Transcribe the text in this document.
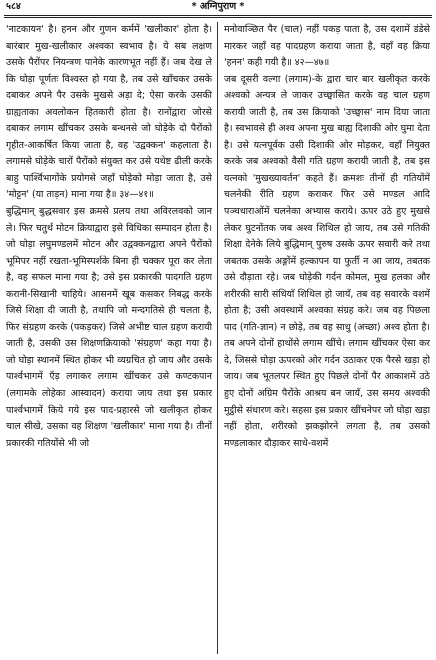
५८४	* अग्निपुराण *

'नाटकायन' है। हनन और गुणन कर्ममें 'खलीकार' होता है। बारंबार मुख-खलीकार अश्वका स्वभाव है। ये सब लक्षण उसके पैरोंपर नियन्त्रण पानेके कारणभूत नहीं हैं। जब देख ले कि घोड़ा पूर्णतः विश्वस्त हो गया है, तब उसे खाँचकर उसके दबाकर अपने पैर उसके मुखसे अड़ा दे; ऐसा करके उसकी ग्राह्यताका अवलोकन हितकारी होता है। रानोंद्वारा जोरसे दबाकर लगाम खींचकर उसके बन्धनसे जो घोड़ेके दो पैरोंको गृहीत-आकर्षित किया जाता है, वह 'उद्वक्कन' कहलाता है। लगामसे घोड़ेके चारों पैरोंको संयुक्त कर उसे यथेष्ट ढीली करके बाहु पार्श्विभागोंके प्रयोगसे जहाँ घोड़ेको मोड़ा जाता है, उसे 'मोट्टन' (या ताड़न) माना गया है॥ ३४—४१॥

बुद्धिमान् बुद्धसवार इस क्रमसे प्रलय तथा अविरलवको जान ले। फिर चतुर्थ मोटन क्रियाद्वारा इसे विधिका सम्पादन होता है। जो घोड़ा लघुमण्डलमें मोटन और उद्वक्कनद्वारा अपने पैरोंको भूमिपर नहीं रखता-भूमिस्पर्शके बिना ही चक्कर पूरा कर लेता है, वह सफल माना गया है; उसे इस प्रकारकी पादगति ग्रहण करानी-सिखानी चाहिये। आसनमें खूब कसकर निबद्ध करके जिसे शिक्षा दी जाती है, तथापि जो मन्दगतिसे ही चलता है, फिर संग्रहण करके (पकड़कर) जिसे अभीष्ट चाल ग्रहण करायी जाती है, उसकी उस शिक्षणक्रियाको 'संग्रहण' कहा गया है। जो घोड़ा स्थानमें स्थित होकर भी व्यग्रचित हो जाय और उसके पार्श्वभागमें एँड़ लगाकर लगाम खींचकर उसे कण्टकपान (लगामके लोहेका आस्वादन) कराया जाय तथा इस प्रकार पार्श्वभागमें किये गये इस पाद-प्रहारसे जो खलीकृत होकर चाल सीखे, उसका वह शिक्षण 'खलीकार' माना गया है। तीनों प्रकारकी गतियोंसे भी जो

मनोवाञ्छित पैर (चाल) नहीं पकड़ पाता है, उस दशामें डंडेसे मारकर जहाँ वह पादग्रहण कराया जाता है, वहाँ वह क्रिया 'हनन' कही गयी है॥ ४२—४७॥

जब दूसरी वल्गा (लगाम)-के द्वारा चार बार खलीकृत करके अश्वको अन्यत्र ले जाकर उच्छ्वासित करके वह चाल ग्रहण करायी जाती है, तब उस क्रियाको 'उच्छ्वास' नाम दिया जाता है। स्वभावसे ही अश्व अपना मुख बाह्य दिशाकी ओर घुमा देता है। उसे यत्नपूर्वक उसी दिशाकी ओर मोड़कर, वहाँ नियुक्त करके जब अश्वको वैसी गति ग्रहण करायी जाती है, तब इस यत्नको 'मुखख्यावर्तन' कहते हैं। क्रमशः तीनों ही गतियोंमें चलनेकी रीति ग्रहण कराकर फिर उसे मण्डल आदि पञ्चधाराओंमें चलनेका अभ्यास कराये। ऊपर उठे हुए मुखसे लेकर घुटनोंतक जब अश्व शिथिल हो जाय, तब उसे गतिकी शिक्षा देनेके लिये बुद्धिमान् पुरुष उसके ऊपर सवारी करे तथा जबतक उसके अङ्गोंमें हल्कापन या फुर्ती न आ जाय, तबतक उसे दौड़ाता रहे। जब घोड़ेकी गर्दन कोमल, मुख हलका और शरीरकी सारी संधियाँ शिथिल हो जायँ, तब वह सवारके वशमें होता है; उसी अवस्थामें अश्वका संग्रह करे। जब वह पिछला पाद (गति-ज्ञान) न छोड़े, तब वह साधु (अच्छा) अश्व होता है। तब अपने दोनों हाथोंसे लगाम खींचे। लगाम खींचकर ऐसा कर दे, जिससे घोड़ा ऊपरको ओर गर्दन उठाकर एक पैरसे खड़ा हो जाय। जब भूतलपर स्थित हुए पिछले दोनों पैर आकाशमें उठे हुए दोनों अग्रिम पैरोंके आश्रय बन जायँ, उस समय अश्वकी मुट्ठीसे संधारण करे। सहसा इस प्रकार खींचनेपर जो घोड़ा खड़ा नहीं होता, शरीरको झकझोरने लगता है, तब उसको मण्डलाकार दौड़ाकर साधे-वशमें
